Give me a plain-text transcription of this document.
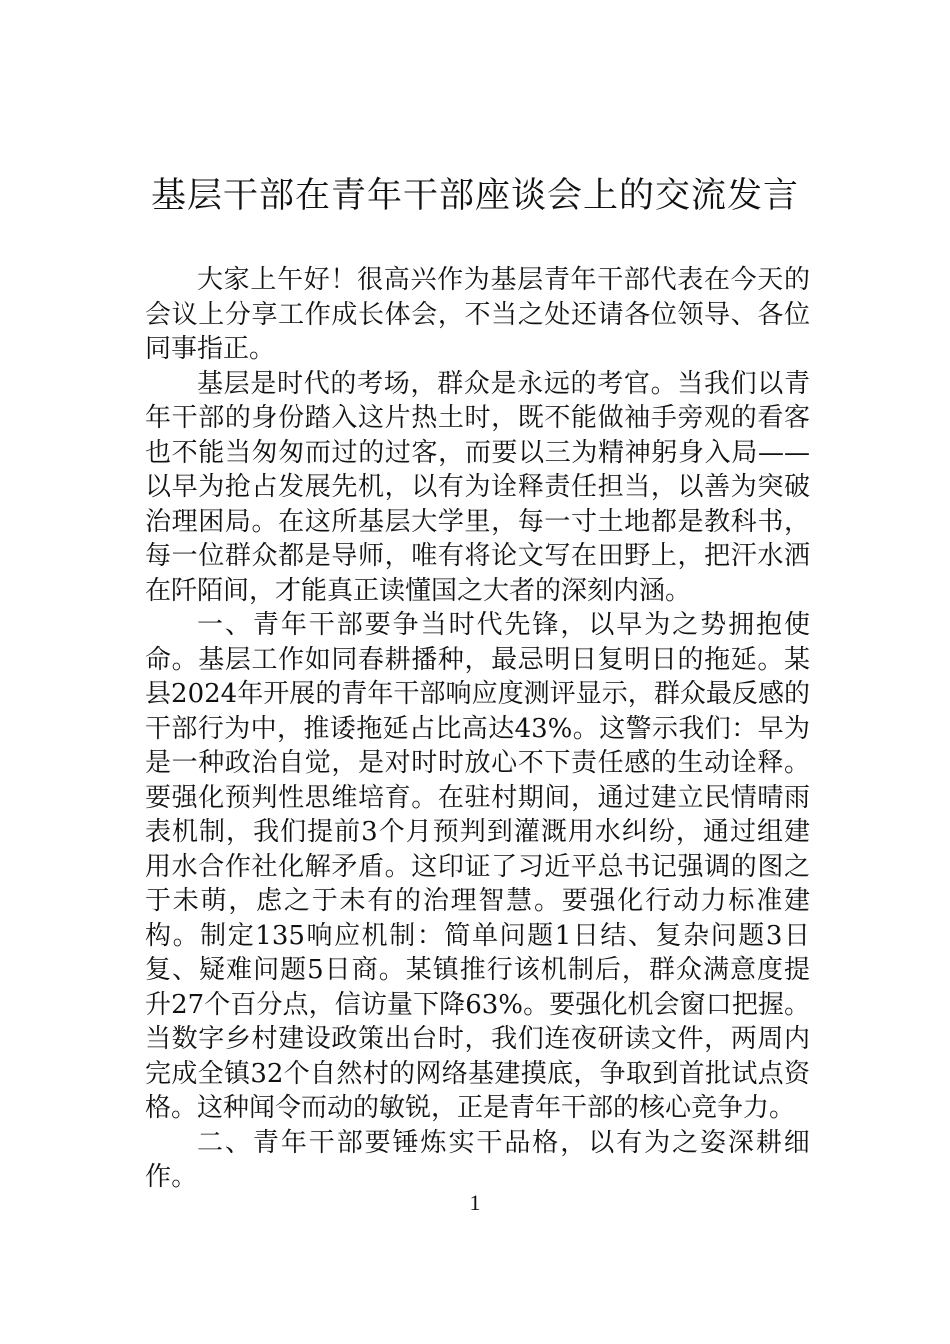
基层干部在青年干部座谈会上的交流发言

大家上午好！很高兴作为基层青年干部代表在今天的会议上分享工作成长体会，不当之处还请各位领导、各位同事指正。

基层是时代的考场，群众是永远的考官。当我们以青年干部的身份踏入这片热土时，既不能做袖手旁观的看客也不能当匆匆而过的过客，而要以三为精神躬身入局——以早为抢占发展先机，以有为诠释责任担当，以善为突破治理困局。在这所基层大学里，每一寸土地都是教科书，每一位群众都是导师，唯有将论文写在田野上，把汗水洒在阡陌间，才能真正读懂国之大者的深刻内涵。

一、青年干部要争当时代先锋，以早为之势拥抱使命。基层工作如同春耕播种，最忌明日复明日的拖延。某县2024年开展的青年干部响应度测评显示，群众最反感的干部行为中，推诿拖延占比高达43%。这警示我们：早为是一种政治自觉，是对时时放心不下责任感的生动诠释。要强化预判性思维培育。在驻村期间，通过建立民情晴雨表机制，我们提前3个月预判到灌溉用水纠纷，通过组建用水合作社化解矛盾。这印证了习近平总书记强调的图之于未萌，虑之于未有的治理智慧。要强化行动力标准建构。制定135响应机制：简单问题1日结、复杂问题3日复、疑难问题5日商。某镇推行该机制后，群众满意度提升27个百分点，信访量下降63%。要强化机会窗口把握。当数字乡村建设政策出台时，我们连夜研读文件，两周内完成全镇32个自然村的网络基建摸底，争取到首批试点资格。这种闻令而动的敏锐，正是青年干部的核心竞争力。

二、青年干部要锤炼实干品格，以有为之姿深耕细作。

1
